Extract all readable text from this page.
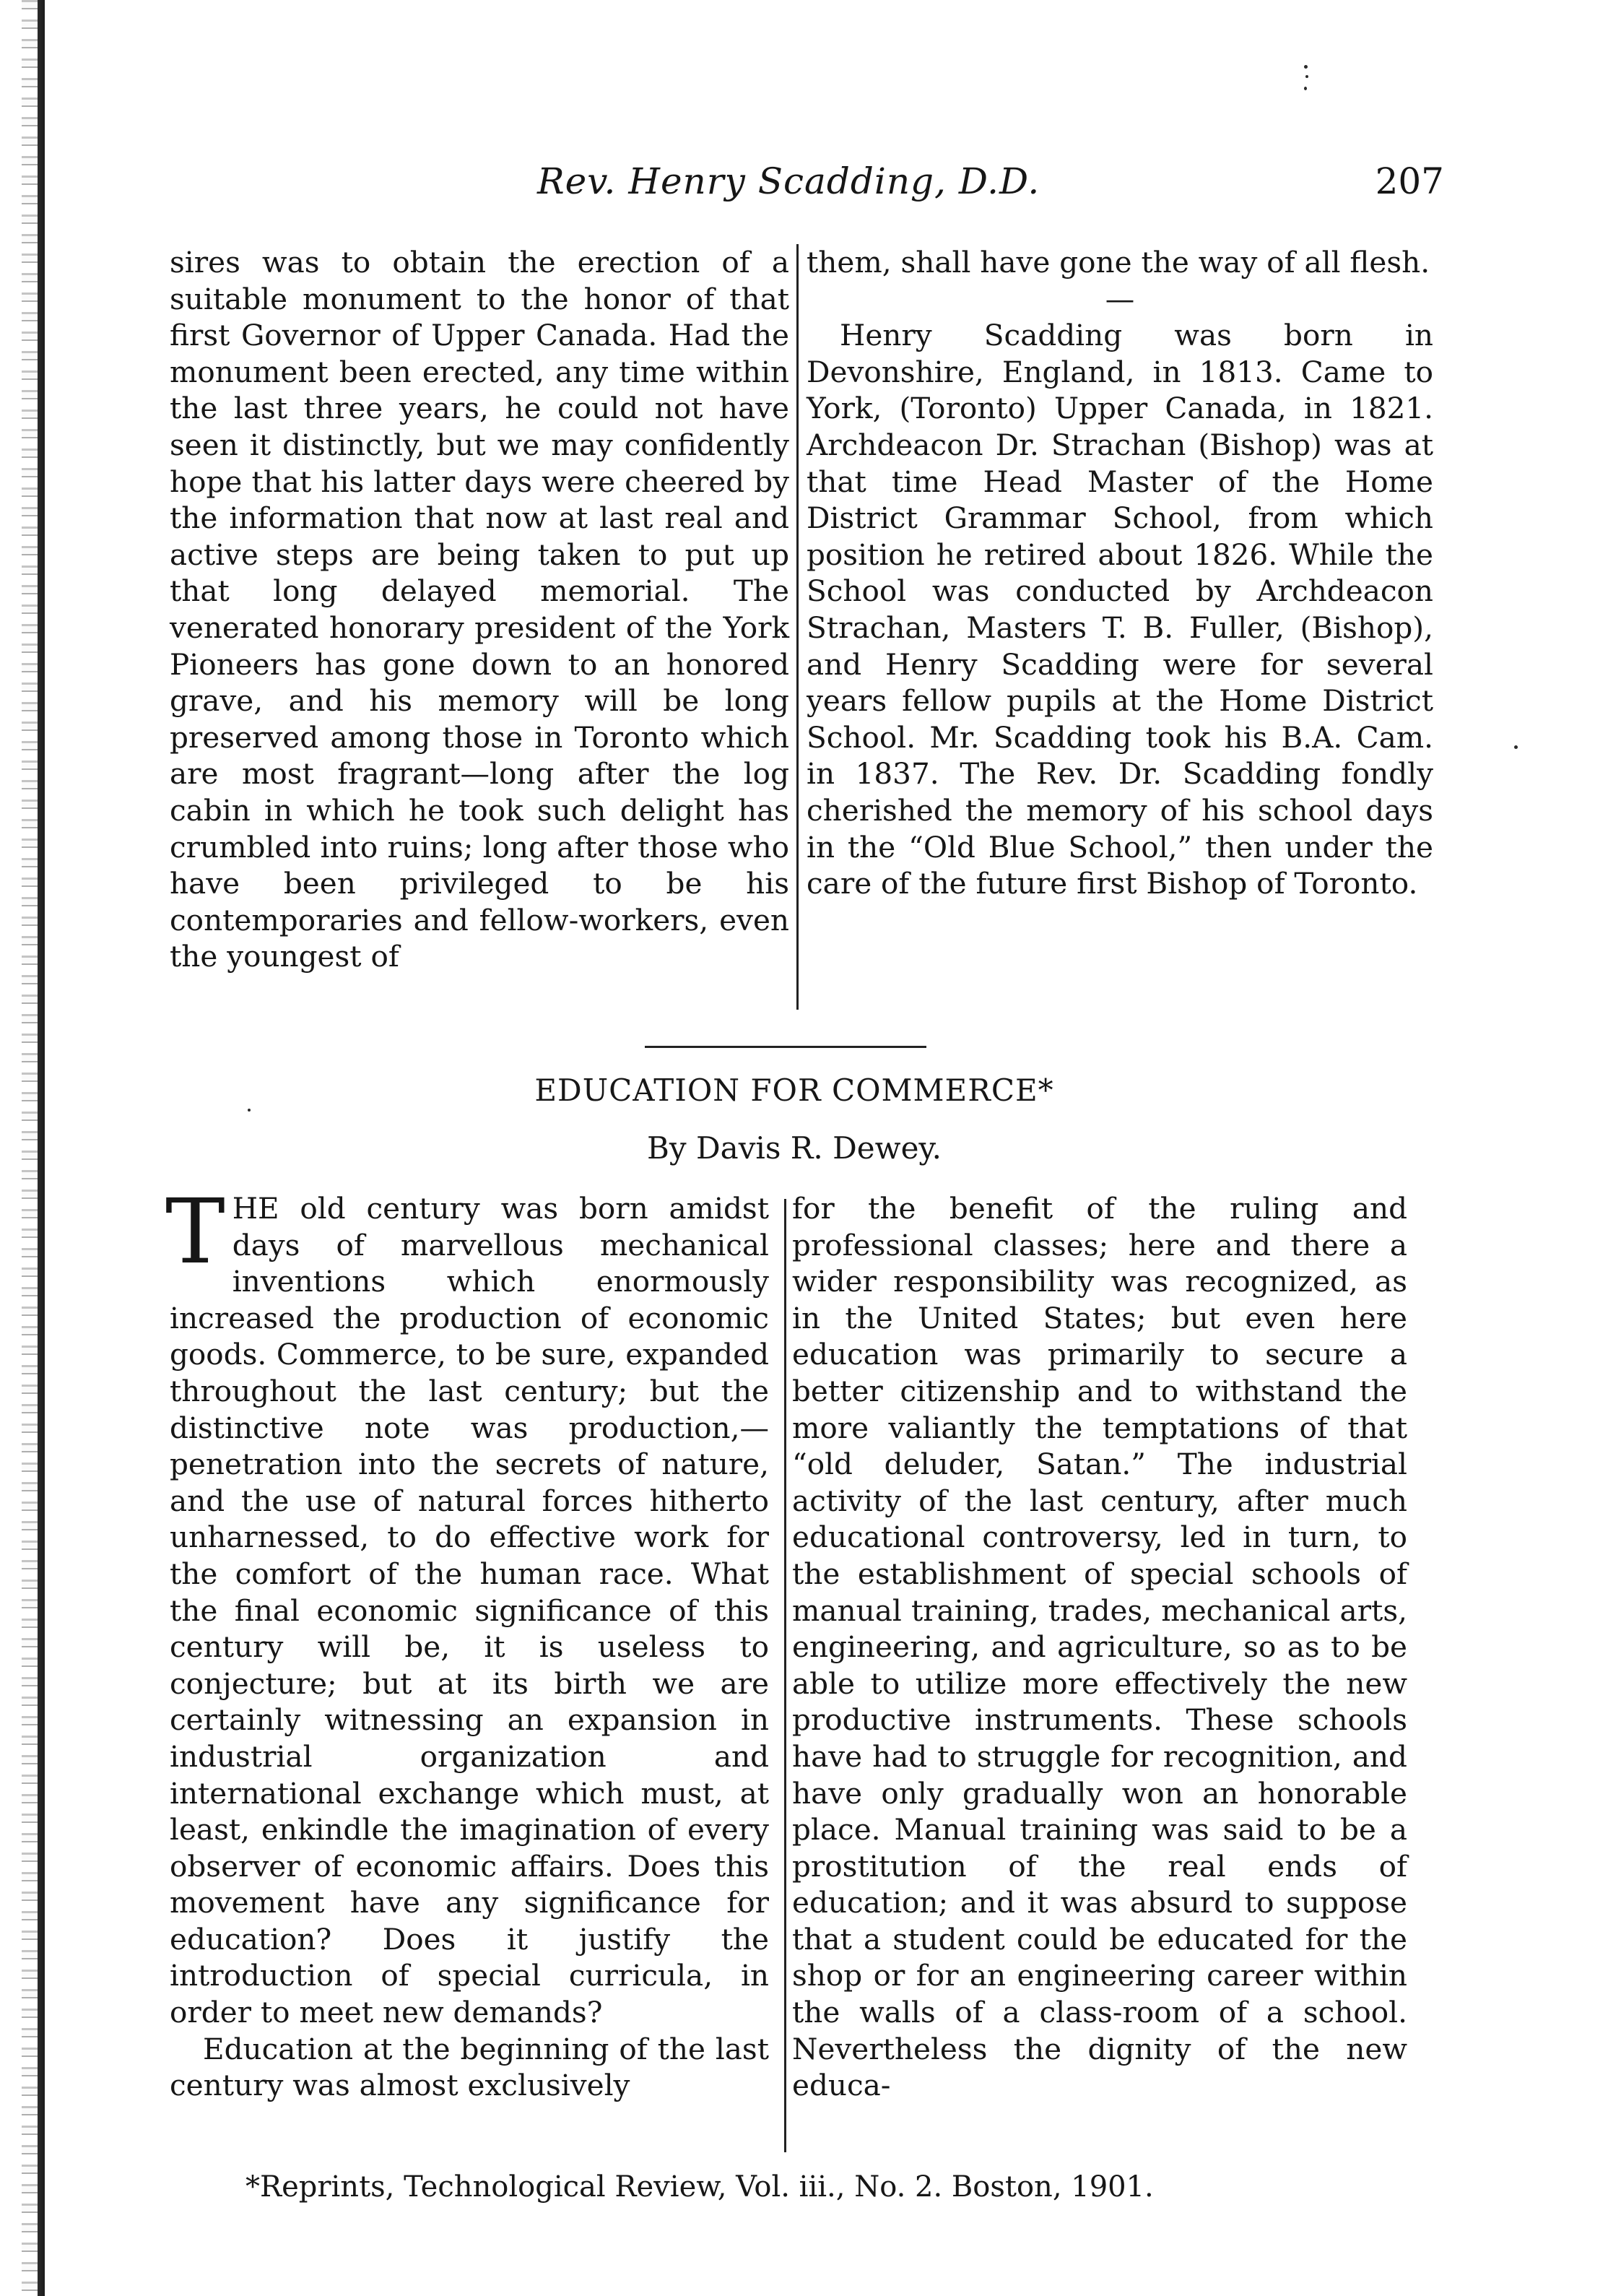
Rev. Henry Scadding, D.D.	207

sires was to obtain the erection of a suitable monument to the honor of that first Governor of Upper Canada. Had the monument been erected, any time within the last three years, he could not have seen it distinctly, but we may confidently hope that his latter days were cheered by the information that now at last real and active steps are being taken to put up that long delayed memorial. The venerated honorary president of the York Pioneers has gone down to an honored grave, and his memory will be long preserved among those in Toronto which are most fragrant—long after the log cabin in which he took such delight has crumbled into ruins; long after those who have been privileged to be his contemporaries and fellow-workers, even the youngest of

them, shall have gone the way of all flesh.

—

Henry Scadding was born in Devonshire, England, in 1813. Came to York, (Toronto) Upper Canada, in 1821. Archdeacon Dr. Strachan (Bishop) was at that time Head Master of the Home District Grammar School, from which position he retired about 1826. While the School was conducted by Archdeacon Strachan, Masters T. B. Fuller, (Bishop), and Henry Scadding were for several years fellow pupils at the Home District School. Mr. Scadding took his B.A. Cam. in 1837. The Rev. Dr. Scadding fondly cherished the memory of his school days in the “Old Blue School,” then under the care of the future first Bishop of Toronto.

EDUCATION FOR COMMERCE*
By Davis R. Dewey.

T HE old century was born amidst days of marvellous mechanical inventions which enormously increased the production of economic goods. Commerce, to be sure, expanded throughout the last century; but the distinctive note was production,—penetration into the secrets of nature, and the use of natural forces hitherto unharnessed, to do effective work for the comfort of the human race. What the final economic significance of this century will be, it is useless to conjecture; but at its birth we are certainly witnessing an expansion in industrial organization and international exchange which must, at least, enkindle the imagination of every observer of economic affairs. Does this movement have any significance for education? Does it justify the introduction of special curricula, in order to meet new demands?

Education at the beginning of the last century was almost exclusively

for the benefit of the ruling and professional classes; here and there a wider responsibility was recognized, as in the United States; but even here education was primarily to secure a better citizenship and to withstand the more valiantly the temptations of that “old deluder, Satan.” The industrial activity of the last century, after much educational controversy, led in turn, to the establishment of special schools of manual training, trades, mechanical arts, engineering, and agriculture, so as to be able to utilize more effectively the new productive instruments. These schools have had to struggle for recognition, and have only gradually won an honorable place. Manual training was said to be a prostitution of the real ends of education; and it was absurd to suppose that a student could be educated for the shop or for an engineering career within the walls of a class-room of a school. Nevertheless the dignity of the new educa-

*Reprints, Technological Review, Vol. iii., No. 2. Boston, 1901.
